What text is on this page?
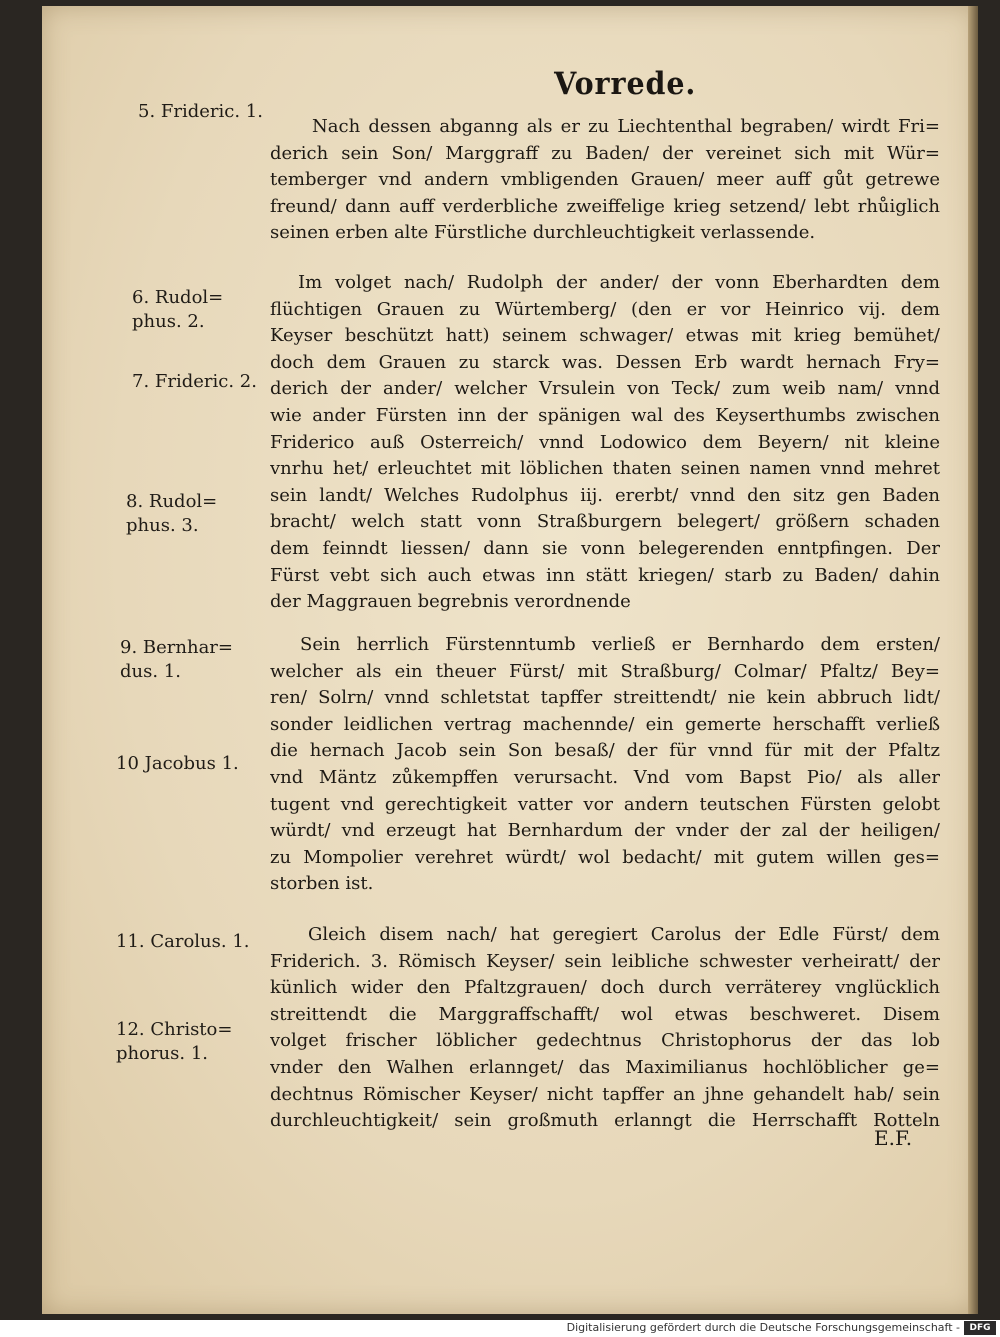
Vorrede.
5. Frideric. 1.
6. Rudol=
phus. 2.
7. Frideric. 2.
8. Rudol=
phus. 3.
9. Bernhar=
dus. 1.
10 Jacobus 1.
11. Carolus. 1.
12. Christo=
phorus. 1.
Nach dessen abganng als er zu Liechtenthal begraben/ wirdt Fri=
derich sein Son/ Marggraff zu Baden/ der vereinet sich mit Wür=
temberger vnd andern vmbligenden Grauen/ meer auff gůt getrewe
freund/ dann auff verderbliche zweiffelige krieg setzend/ lebt rhůiglich
seinen erben alte Fürstliche durchleuchtigkeit verlassende.
Im volget nach/ Rudolph der ander/ der vonn Eberhardten dem
flüchtigen Grauen zu Würtemberg/ (den er vor Heinrico vij. dem
Keyser beschützt hatt) seinem schwager/ etwas mit krieg bemühet/
doch dem Grauen zu starck was. Dessen Erb wardt hernach Fry=
derich der ander/ welcher Vrsulein von Teck/ zum weib nam/ vnnd
wie ander Fürsten inn der spänigen wal des Keyserthumbs zwischen
Friderico auß Osterreich/ vnnd Lodowico dem Beyern/ nit kleine
vnrhu het/ erleuchtet mit löblichen thaten seinen namen vnnd mehret
sein landt/ Welches Rudolphus iij. ererbt/ vnnd den sitz gen Baden
bracht/ welch statt vonn Straßburgern belegert/ größern schaden
dem feinndt liessen/ dann sie vonn belegerenden enntpfingen. Der
Fürst vebt sich auch etwas inn stätt kriegen/ starb zu Baden/ dahin
der Maggrauen begrebnis verordnende
Sein herrlich Fürstenntumb verließ er Bernhardo dem ersten/
welcher als ein theuer Fürst/ mit Straßburg/ Colmar/ Pfaltz/ Bey=
ren/ Solrn/ vnnd schletstat tapffer streittendt/ nie kein abbruch lidt/
sonder leidlichen vertrag machennde/ ein gemerte herschafft verließ
die hernach Jacob sein Son besaß/ der für vnnd für mit der Pfaltz
vnd Mäntz zůkempffen verursacht. Vnd vom Bapst Pio/ als aller
tugent vnd gerechtigkeit vatter vor andern teutschen Fürsten gelobt
würdt/ vnd erzeugt hat Bernhardum der vnder der zal der heiligen/
zu Mompolier verehret würdt/ wol bedacht/ mit gutem willen ges=
storben ist.
Gleich disem nach/ hat geregiert Carolus der Edle Fürst/ dem
Friderich. 3. Römisch Keyser/ sein leibliche schwester verheiratt/ der
künlich wider den Pfaltzgrauen/ doch durch verräterey vnglücklich
streittendt die Marggraffschafft/ wol etwas beschweret. Disem
volget frischer löblicher gedechtnus Christophorus der das lob
vnder den Walhen erlannget/ das Maximilianus hochlöblicher ge=
dechtnus Römischer Keyser/ nicht tapffer an jhne gehandelt hab/ sein
durchleuchtigkeit/ sein großmuth erlanngt die Herrschafft Rotteln
E.F.
Digitalisierung gefördert durch die Deutsche Forschungsgemeinschaft -	DFG
